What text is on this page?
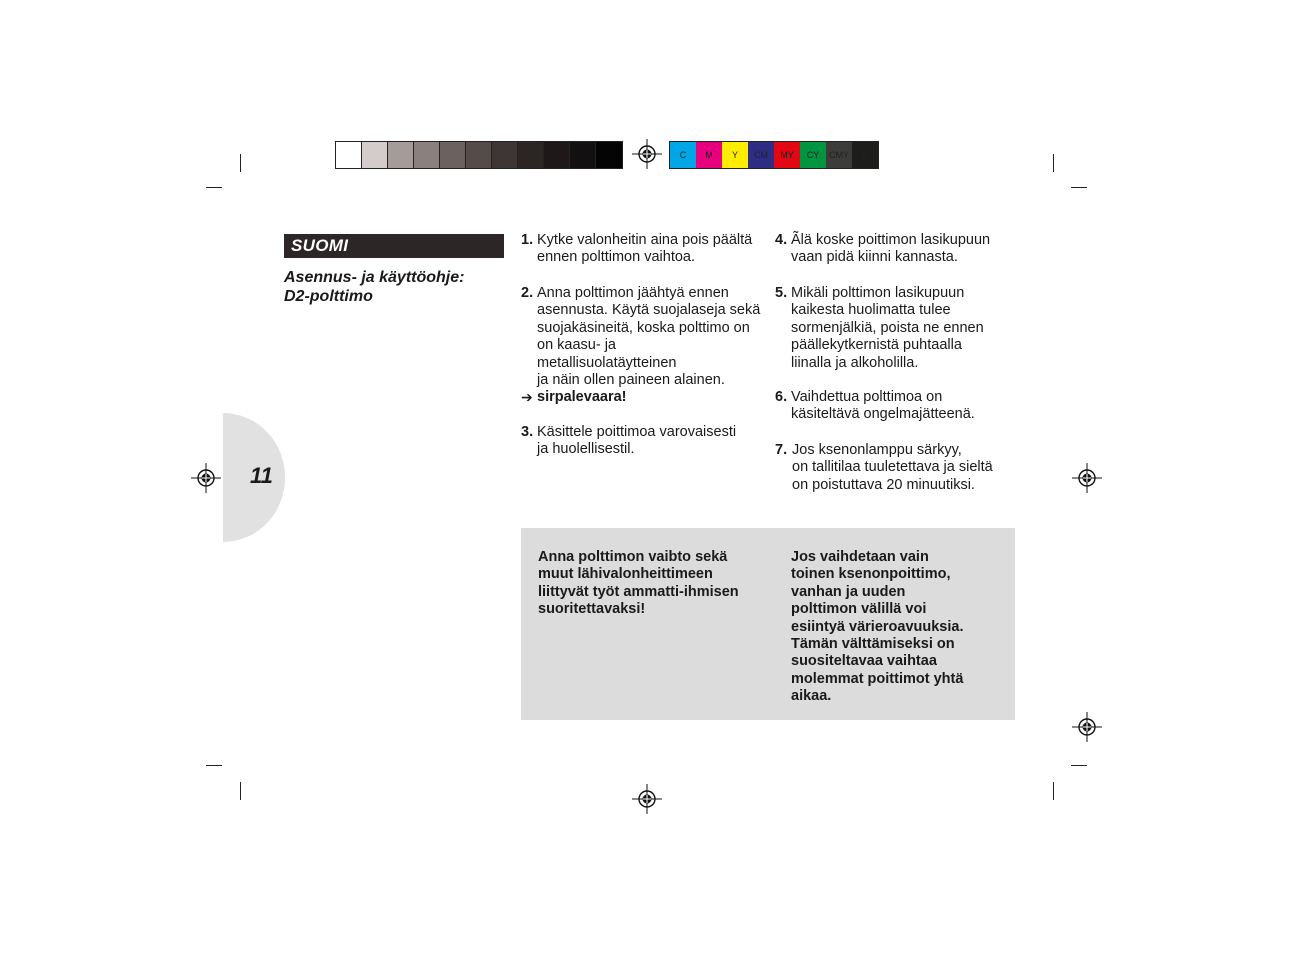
C	M	Y	CM	MY	CY	CMY	K
SUOMI
Asennus- ja käyttöohje:
D2-polttimo
11
1. Kytke valonheitin aina pois päältä
ennen polttimon vaihtoa.
2. Anna polttimon jäähtyä ennen
asennusta. Käytä suojalaseja sekä
suojakäsineitä, koska polttimo on
on kaasu- ja
metallisuolatäytteinen
ja näin ollen paineen alainen.
➔ sirpalevaara!
3. Käsittele poittimoa varovaisesti
ja huolellisestil.
4. Ãlä koske poittimon lasikupuun
vaan pidä kiinni kannasta.
5. Mikäli polttimon lasikupuun
kaikesta huolimatta tulee
sormenjälkiä, poista ne ennen
päällekytkernistä puhtaalla
liinalla ja alkoholilla.
6. Vaihdettua polttimoa on
käsiteltävä ongelmajätteenä.
7. Jos ksenonlamppu särkyy,
on tallitilaa tuuletettava ja sieltä
on poistuttava 20 minuutiksi.
Anna polttimon vaibto sekä
muut lähivalonheittimeen
liittyvät työt ammatti-ihmisen
suoritettavaksi!
Jos vaihdetaan vain
toinen ksenonpoittimo,
vanhan ja uuden
polttimon välillä voi
esiintyä värieroavuuksia.
Tämän välttämiseksi on
suositeltavaa vaihtaa
molemmat poittimot yhtä
aikaa.
